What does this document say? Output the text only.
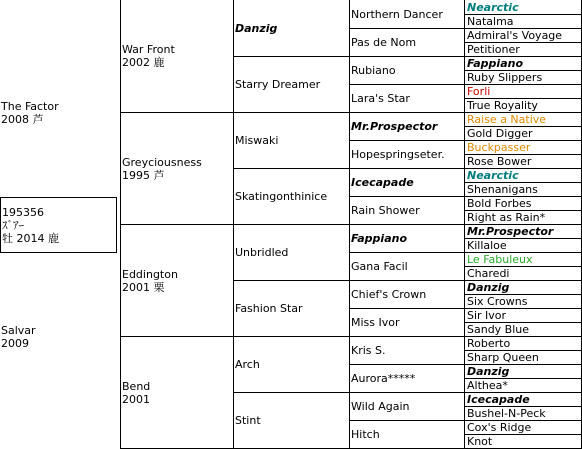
The Factor
2008 芦
Salvar
2009
195356
ｽﾞｱｰ
牡 2014 鹿
War Front
2002 鹿
Greyciousness
1995 芦
Eddington
2001 栗
Bend
2001
Danzig
Starry Dreamer
Miswaki
Skatingonthinice
Unbridled
Fashion Star
Arch
Stint
Northern Dancer
Pas de Nom
Rubiano
Lara's Star
Mr.Prospector
Hopespringseter.
Icecapade
Rain Shower
Fappiano
Gana Facil
Chief's Crown
Miss Ivor
Kris S.
Aurora*****
Wild Again
Hitch
Nearctic
Natalma
Admiral's Voyage
Petitioner
Fappiano
Ruby Slippers
Forli
True Royality
Raise a Native
Gold Digger
Buckpasser
Rose Bower
Nearctic
Shenanigans
Bold Forbes
Right as Rain*
Mr.Prospector
Killaloe
Le Fabuleux
Charedi
Danzig
Six Crowns
Sir Ivor
Sandy Blue
Roberto
Sharp Queen
Danzig
Althea*
Icecapade
Bushel-N-Peck
Cox's Ridge
Knot
